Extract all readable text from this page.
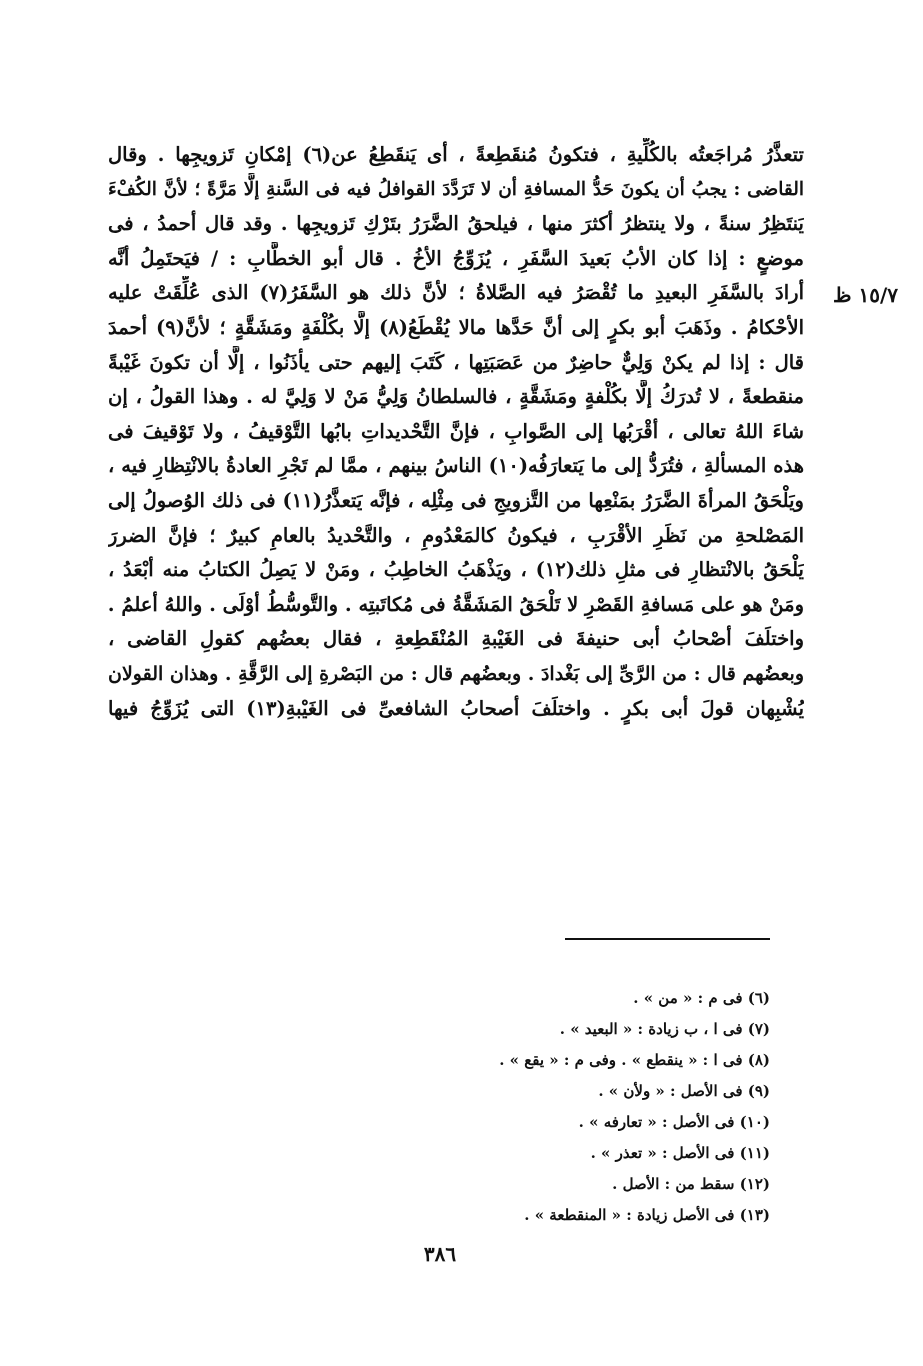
١٥/٧ ظ
تتعذَّرُ مُراجَعتُه بالكُلِّيةِ ، فتكونُ مُنقَطِعةً ، أى يَنقَطِعُ عن(٦) إمْكانِ تَزويجِها . وقال
القاضى : يجبُ أن يكونَ حَدُّ المسافةِ أن لا تَرَدَّدَ القوافلُ فيه فى السَّنةِ إلَّا مَرَّةً ؛ لأنَّ الكُفْءَ
يَنتَظِرُ سنةً ، ولا ينتظرُ أكثرَ منها ، فيلحقُ الضَّرَرُ بتَرْكِ تَزويجِها . وقد قال أحمدُ ، فى
موضعٍ : إذا كان الأبُ بَعيدَ السَّفَرِ ، يُزَوِّجُ الأخُ . قال أبو الخطَّابِ : / فيَحتَمِلُ أنَّه
أرادَ بالسَّفَرِ البعيدِ ما تُقْصَرُ فيه الصَّلاةُ ؛ لأنَّ ذلك هو السَّفَرُ(٧) الذى عُلِّقَتْ عليه
الأحْكامُ . وذَهَبَ أبو بكرٍ إلى أنَّ حَدَّها مالا يُقْطَعُ(٨) إلَّا بكُلْفَةٍ ومَشَقَّةٍ ؛ لأنَّ(٩) أحمدَ
قال : إذا لم يكنْ وَلِيٌّ حاضِرٌ من عَصَبَتِها ، كَتَبَ إليهم حتى يأذَنُوا ، إلَّا أن تكونَ غَيْبةً
منقطعةً ، لا تُدرَكُ إلَّا بكُلْفةٍ ومَشَقَّةٍ ، فالسلطانُ وَلِيُّ مَنْ لا وَلِيَّ له . وهذا القولُ ، إن
شاءَ اللهُ تعالى ، أقْرَبُها إلى الصَّوابِ ، فإنَّ التَّحْديداتِ بابُها التَّوْقيفُ ، ولا تَوْقيفَ فى
هذه المسألةِ ، فتُرَدُّ إلى ما يَتعارَفُه(١٠) الناسُ بينهم ، ممَّا لم تَجْرِ العادةُ بالانْتِظارِ فيه ،
ويَلْحَقُ المرأةَ الضَّرَرُ بمَنْعِها من التَّزويجِ فى مِثْلِه ، فإنَّه يَتعذَّرُ(١١) فى ذلك الوُصولُ إلى
المَصْلحةِ من نَظَرِ الأقْرَبِ ، فيكونُ كالمَعْدُومِ ، والتَّحْديدُ بالعامِ كبيرٌ ؛ فإنَّ الضررَ
يَلْحَقُ بالانْتظارِ فى مثلِ ذلك(١٢) ، ويَذْهَبُ الخاطِبُ ، ومَنْ لا يَصِلُ الكتابُ منه أبْعَدُ ،
ومَنْ هو على مَسافةِ القَصْرِ لا تَلْحَقُ المَشَقَّةُ فى مُكاتَبتِه . والتَّوسُّطُ أوْلَى . واللهُ أعلمُ .
واختلَفَ أصْحابُ أبى حنيفةَ فى الغَيْبةِ المُنْقَطِعةِ ، فقال بعضُهم كقولِ القاضى ،
وبعضُهم قال : من الرَّىِّ إلى بَغْدادَ . وبعضُهم قال : من البَصْرةِ إلى الرَّقَّةِ . وهذان القولان
يُشْبِهان قولَ أبى بكرٍ . واختلَفَ أصحابُ الشافعىِّ فى الغَيْبةِ(١٣) التى يُزَوِّجُ فيها
(٦) فى م : « من » .
(٧) فى ا ، ب زيادة : « البعيد » .
(٨) فى ا : « ينقطع » . وفى م : « يقع » .
(٩) فى الأصل : « ولأن » .
(١٠) فى الأصل : « تعارفه » .
(١١) فى الأصل : « تعذر » .
(١٢) سقط من : الأصل .
(١٣) فى الأصل زيادة : « المنقطعة » .
٣٨٦
